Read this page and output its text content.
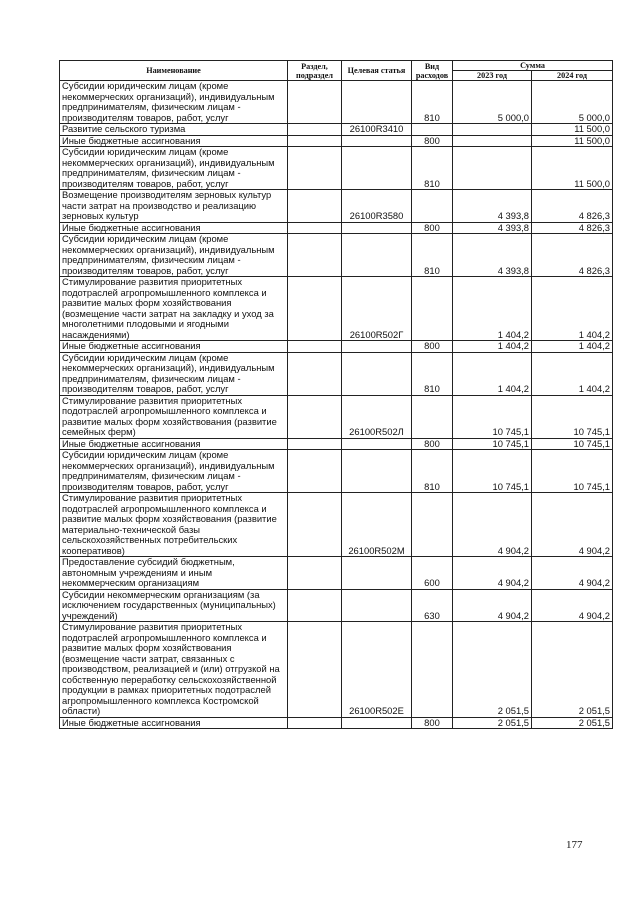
Наименование	Раздел, подраздел	Целевая статья	Вид расходов	Сумма	
				2023 год	2024 год
Субсидии юридическим лицам (кроме некоммерческих организаций), индивидуальным предпринимателям, физическим лицам - производителям товаров, работ, услуг			810	5 000,0	5 000,0
Развитие сельского туризма		26100R3410			11 500,0
Иные бюджетные ассигнования			800		11 500,0
Субсидии юридическим лицам (кроме некоммерческих организаций), индивидуальным предпринимателям, физическим лицам - производителям товаров, работ, услуг			810		11 500,0
Возмещение производителям зерновых культур части затрат на производство и реализацию зерновых культур		26100R3580		4 393,8	4 826,3
Иные бюджетные ассигнования			800	4 393,8	4 826,3
Субсидии юридическим лицам (кроме некоммерческих организаций), индивидуальным предпринимателям, физическим лицам - производителям товаров, работ, услуг			810	4 393,8	4 826,3
Стимулирование развития приоритетных подотраслей агропромышленного комплекса и развитие малых форм хозяйствования (возмещение части затрат на закладку и уход за многолетними плодовыми и ягодными насаждениями)		26100R502Г		1 404,2	1 404,2
Иные бюджетные ассигнования			800	1 404,2	1 404,2
Субсидии юридическим лицам (кроме некоммерческих организаций), индивидуальным предпринимателям, физическим лицам - производителям товаров, работ, услуг			810	1 404,2	1 404,2
Стимулирование развития приоритетных подотраслей агропромышленного комплекса и развитие малых форм хозяйствования (развитие семейных ферм)		26100R502Л		10 745,1	10 745,1
Иные бюджетные ассигнования			800	10 745,1	10 745,1
Субсидии юридическим лицам (кроме некоммерческих организаций), индивидуальным предпринимателям, физическим лицам - производителям товаров, работ, услуг			810	10 745,1	10 745,1
Стимулирование развития приоритетных подотраслей агропромышленного комплекса и развитие малых форм хозяйствования (развитие материально-технической базы сельскохозяйственных потребительских кооперативов)		26100R502М		4 904,2	4 904,2
Предоставление субсидий бюджетным, автономным учреждениям и иным некоммерческим организациям			600	4 904,2	4 904,2
Субсидии некоммерческим организациям (за исключением государственных (муниципальных) учреждений)			630	4 904,2	4 904,2
Стимулирование развития приоритетных подотраслей агропромышленного комплекса и развитие малых форм хозяйствования (возмещение части затрат, связанных с производством, реализацией и (или) отгрузкой на собственную переработку сельскохозяйственной продукции в рамках приоритетных подотраслей агропромышленного комплекса Костромской области)		26100R502Е		2 051,5	2 051,5
Иные бюджетные ассигнования			800	2 051,5	2 051,5
177
